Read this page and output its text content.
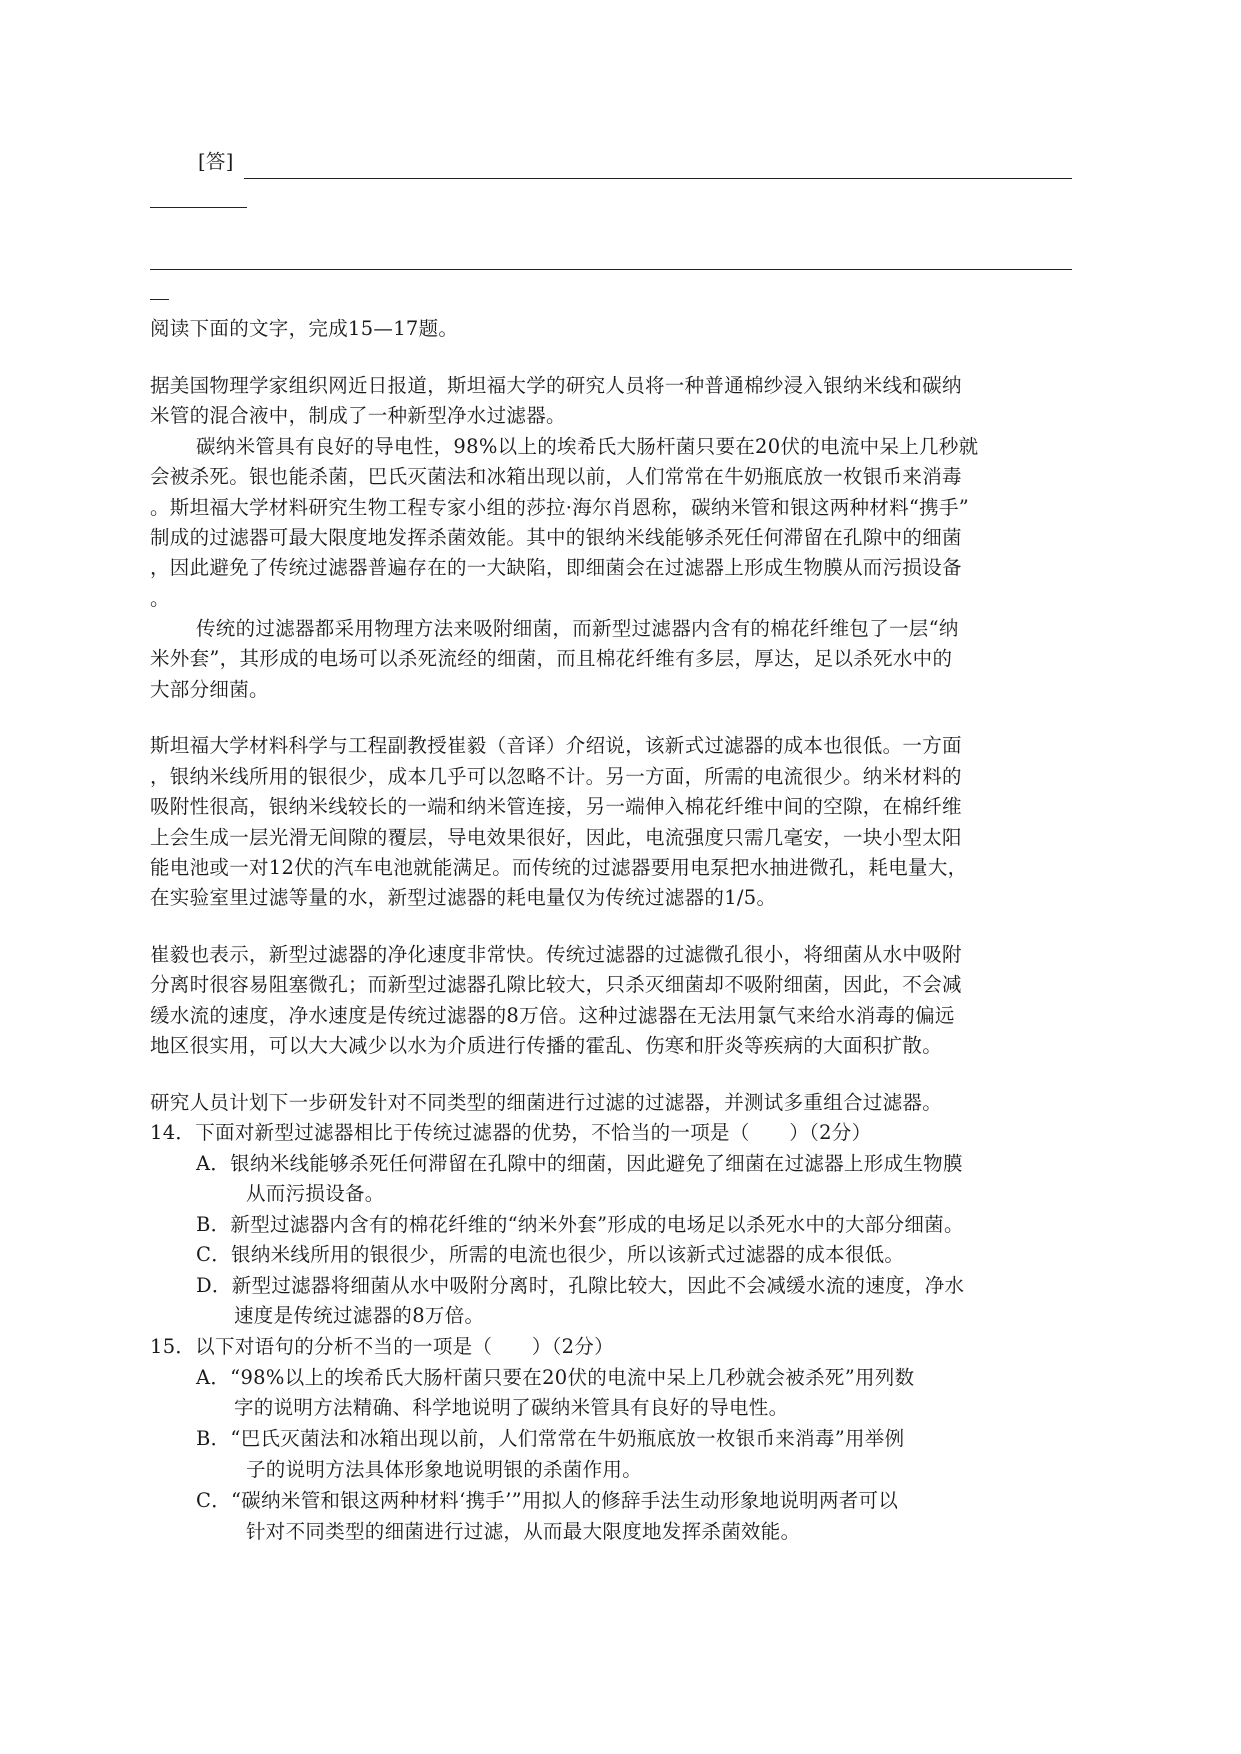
[答]
阅读下面的文字，完成15—17题。
据美国物理学家组织网近日报道，斯坦福大学的研究人员将一种普通棉纱浸入银纳米线和碳纳
米管的混合液中，制成了一种新型净水过滤器。
碳纳米管具有良好的导电性，98%以上的埃希氏大肠杆菌只要在20伏的电流中呆上几秒就
会被杀死。银也能杀菌，巴氏灭菌法和冰箱出现以前，人们常常在牛奶瓶底放一枚银币来消毒
。斯坦福大学材料研究生物工程专家小组的莎拉·海尔肖恩称，碳纳米管和银这两种材料“携手”
制成的过滤器可最大限度地发挥杀菌效能。其中的银纳米线能够杀死任何滞留在孔隙中的细菌
，因此避免了传统过滤器普遍存在的一大缺陷，即细菌会在过滤器上形成生物膜从而污损设备
。
传统的过滤器都采用物理方法来吸附细菌，而新型过滤器内含有的棉花纤维包了一层“纳
米外套”，其形成的电场可以杀死流经的细菌，而且棉花纤维有多层，厚达，足以杀死水中的
大部分细菌。
斯坦福大学材料科学与工程副教授崔毅（音译）介绍说，该新式过滤器的成本也很低。一方面
，银纳米线所用的银很少，成本几乎可以忽略不计。另一方面，所需的电流很少。纳米材料的
吸附性很高，银纳米线较长的一端和纳米管连接，另一端伸入棉花纤维中间的空隙，在棉纤维
上会生成一层光滑无间隙的覆层，导电效果很好，因此，电流强度只需几毫安，一块小型太阳
能电池或一对12伏的汽车电池就能满足。而传统的过滤器要用电泵把水抽进微孔，耗电量大，
在实验室里过滤等量的水，新型过滤器的耗电量仅为传统过滤器的1/5。
崔毅也表示，新型过滤器的净化速度非常快。传统过滤器的过滤微孔很小，将细菌从水中吸附
分离时很容易阻塞微孔；而新型过滤器孔隙比较大，只杀灭细菌却不吸附细菌，因此，不会减
缓水流的速度，净水速度是传统过滤器的8万倍。这种过滤器在无法用氯气来给水消毒的偏远
地区很实用，可以大大减少以水为介质进行传播的霍乱、伤寒和肝炎等疾病的大面积扩散。
研究人员计划下一步研发针对不同类型的细菌进行过滤的过滤器，并测试多重组合过滤器。
14．下面对新型过滤器相比于传统过滤器的优势，不恰当的一项是（　　）（2分）
A．银纳米线能够杀死任何滞留在孔隙中的细菌，因此避免了细菌在过滤器上形成生物膜
从而污损设备。
B．新型过滤器内含有的棉花纤维的“纳米外套”形成的电场足以杀死水中的大部分细菌。
C．银纳米线所用的银很少，所需的电流也很少，所以该新式过滤器的成本很低。
D．新型过滤器将细菌从水中吸附分离时，孔隙比较大，因此不会减缓水流的速度，净水
速度是传统过滤器的8万倍。
15．以下对语句的分析不当的一项是（　　）（2分）
A．“98%以上的埃希氏大肠杆菌只要在20伏的电流中呆上几秒就会被杀死”用列数
字的说明方法精确、科学地说明了碳纳米管具有良好的导电性。
B．“巴氏灭菌法和冰箱出现以前，人们常常在牛奶瓶底放一枚银币来消毒”用举例
子的说明方法具体形象地说明银的杀菌作用。
C．“碳纳米管和银这两种材料‘携手’”用拟人的修辞手法生动形象地说明两者可以
针对不同类型的细菌进行过滤，从而最大限度地发挥杀菌效能。
